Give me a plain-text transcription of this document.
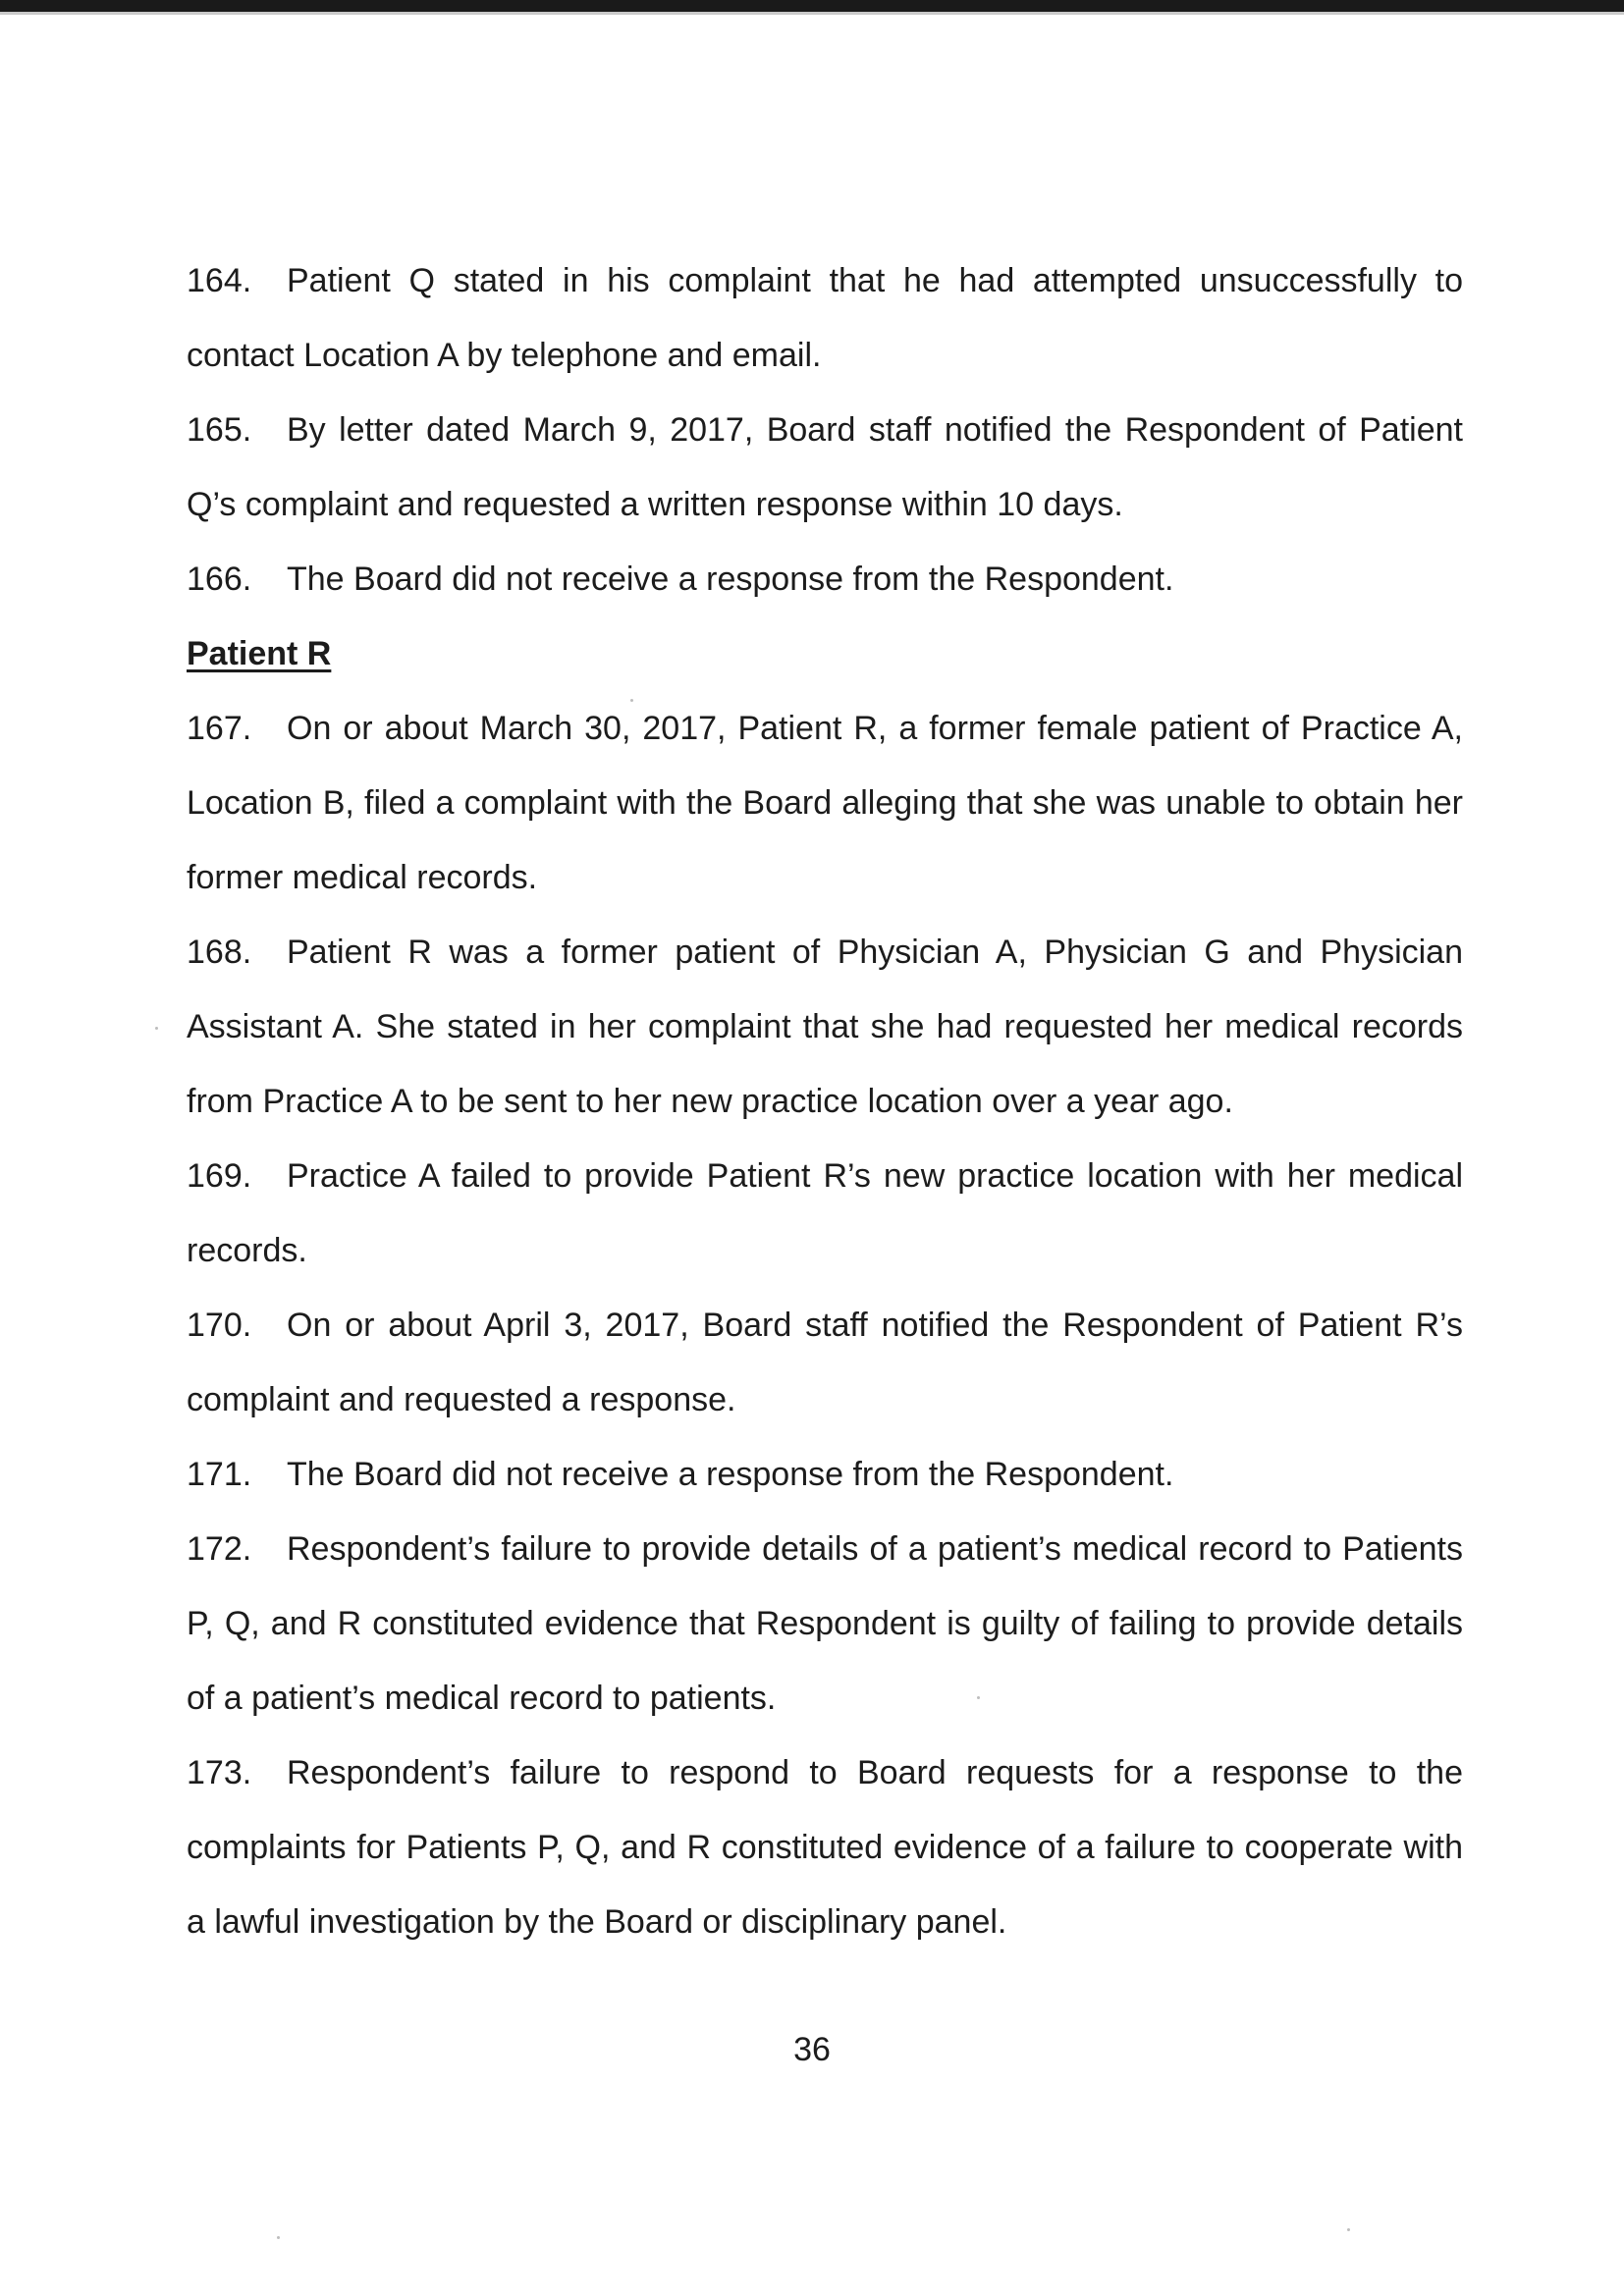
164. Patient Q stated in his complaint that he had attempted unsuccessfully to contact Location A by telephone and email.

165. By letter dated March 9, 2017, Board staff notified the Respondent of Patient Q’s complaint and requested a written response within 10 days.

166. The Board did not receive a response from the Respondent.

Patient R

167. On or about March 30, 2017, Patient R, a former female patient of Practice A, Location B, filed a complaint with the Board alleging that she was unable to obtain her former medical records.

168. Patient R was a former patient of Physician A, Physician G and Physician Assistant A. She stated in her complaint that she had requested her medical records from Practice A to be sent to her new practice location over a year ago.

169. Practice A failed to provide Patient R’s new practice location with her medical records.

170. On or about April 3, 2017, Board staff notified the Respondent of Patient R’s complaint and requested a response.

171. The Board did not receive a response from the Respondent.

172. Respondent’s failure to provide details of a patient’s medical record to Patients P, Q, and R constituted evidence that Respondent is guilty of failing to provide details of a patient’s medical record to patients.

173. Respondent’s failure to respond to Board requests for a response to the complaints for Patients P, Q, and R constituted evidence of a failure to cooperate with a lawful investigation by the Board or disciplinary panel.

36
